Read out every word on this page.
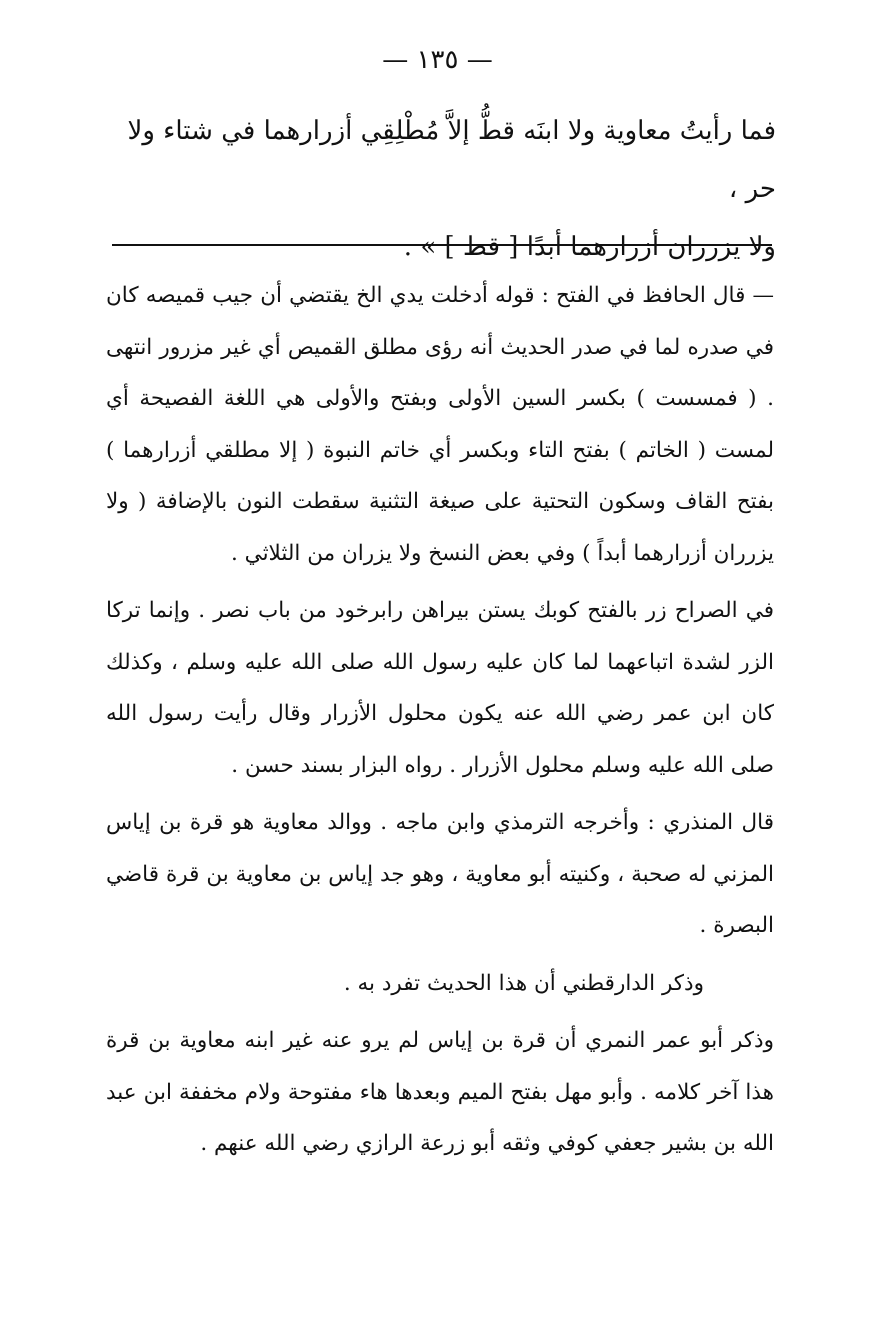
— ١٣٥ —

فما رأيتُ معاوية ولا ابنَه قطُّ إلاَّ مُطْلِقِي أزرارهما في شتاء ولا حر ،

ولا يزرران أزرارهما أبدًا [ قط ] » .

— قال الحافظ في الفتح : قوله أدخلت يدي الخ يقتضي أن جيب قميصه كان في صدره لما في صدر الحديث أنه رؤى مطلق القميص أي غير مزرور انتهى . ( فمسست ) بكسر السين الأولى وبفتح والأولى هي اللغة الفصيحة أي لمست ( الخاتم ) بفتح التاء وبكسر أي خاتم النبوة ( إلا مطلقي أزرارهما ) بفتح القاف وسكون التحتية على صيغة التثنية سقطت النون بالإضافة ( ولا يزرران أزرارهما أبداً ) وفي بعض النسخ ولا يزران من الثلاثي .

في الصراح زر بالفتح كوبك يستن بيراهن رابرخود من باب نصر . وإنما تركا الزر لشدة اتباعهما لما كان عليه رسول الله صلى الله عليه وسلم ، وكذلك كان ابن عمر رضي الله عنه يكون محلول الأزرار وقال رأيت رسول الله صلى الله عليه وسلم محلول الأزرار . رواه البزار بسند حسن .

قال المنذري : وأخرجه الترمذي وابن ماجه . ووالد معاوية هو قرة بن إياس المزني له صحبة ، وكنيته أبو معاوية ، وهو جد إياس بن معاوية بن قرة قاضي البصرة .

وذكر الدارقطني أن هذا الحديث تفرد به .

وذكر أبو عمر النمري أن قرة بن إياس لم يرو عنه غير ابنه معاوية بن قرة هذا آخر كلامه . وأبو مهل بفتح الميم وبعدها هاء مفتوحة ولام مخففة ابن عبد الله بن بشير جعفي كوفي وثقه أبو زرعة الرازي رضي الله عنهم .
